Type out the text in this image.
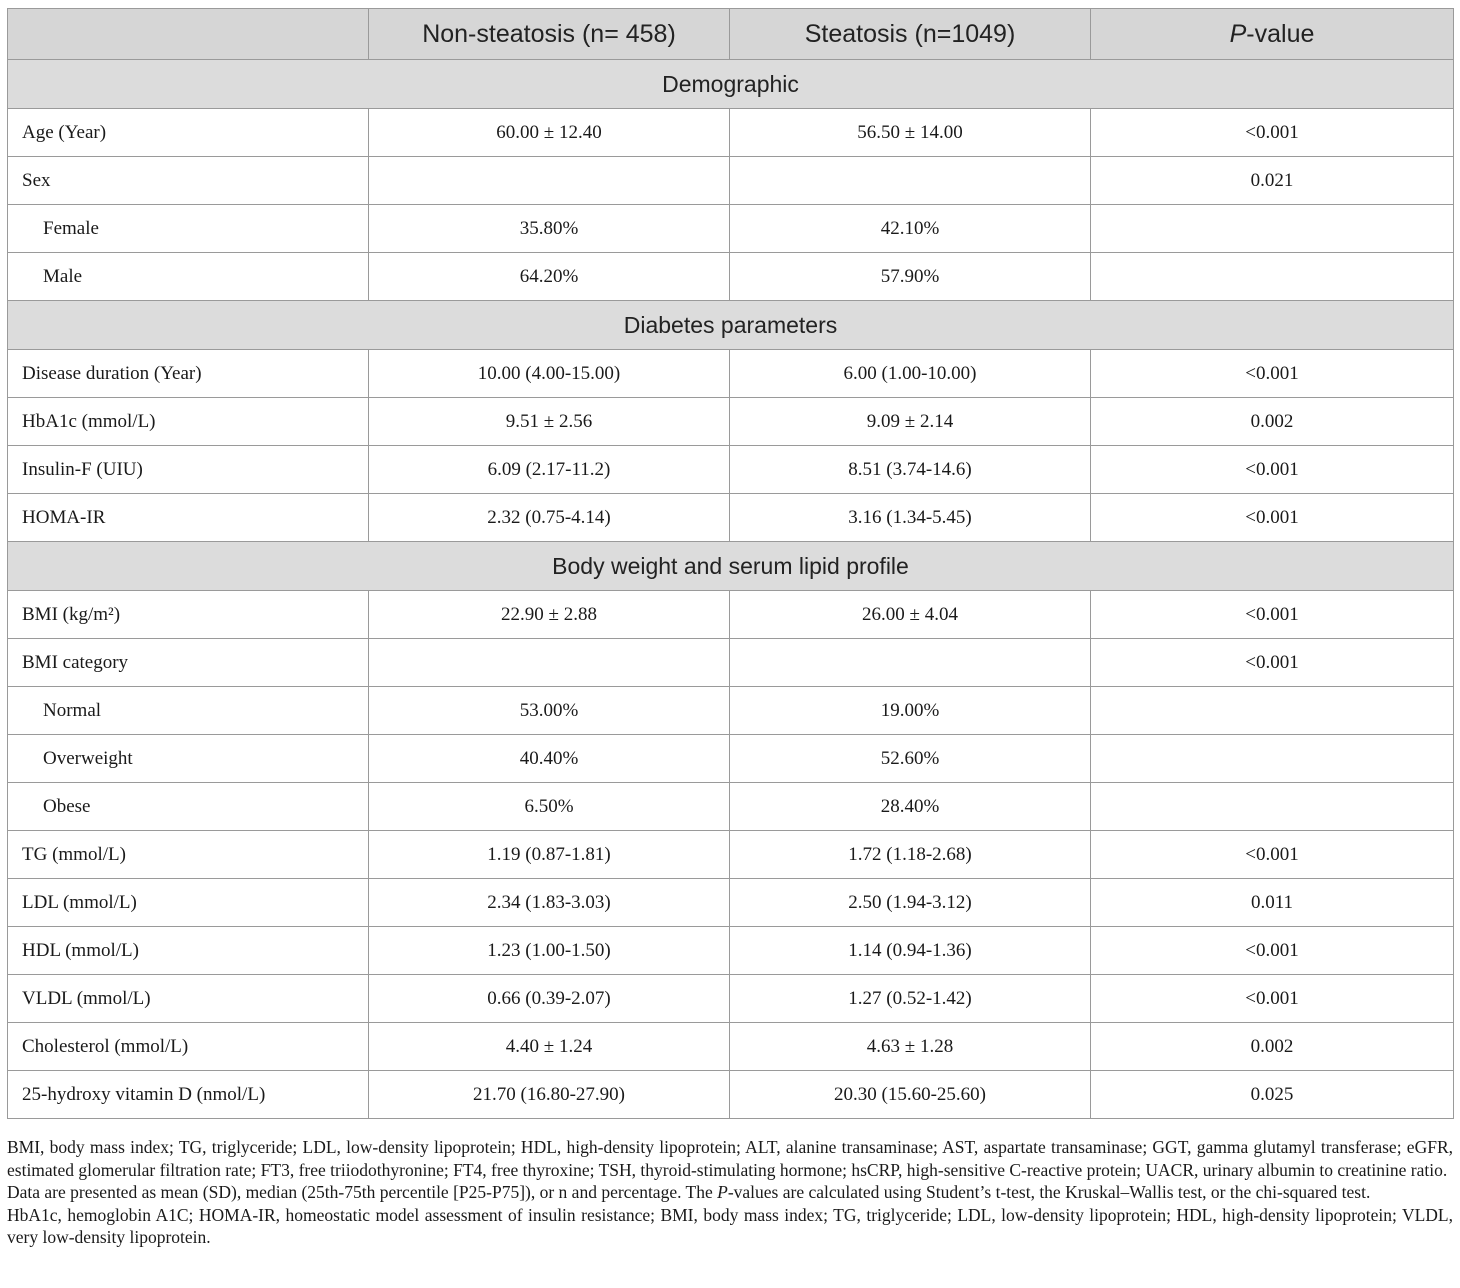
	Non-steatosis (n= 458)	Steatosis (n=1049)	P-value
Demographic			
Age (Year)	60.00 ± 12.40	56.50 ± 14.00	<0.001
Sex			0.021
Female	35.80%	42.10%	
Male	64.20%	57.90%	
Diabetes parameters			
Disease duration (Year)	10.00 (4.00-15.00)	6.00 (1.00-10.00)	<0.001
HbA1c (mmol/L)	9.51 ± 2.56	9.09 ± 2.14	0.002
Insulin-F (UIU)	6.09 (2.17-11.2)	8.51 (3.74-14.6)	<0.001
HOMA-IR	2.32 (0.75-4.14)	3.16 (1.34-5.45)	<0.001
Body weight and serum lipid profile			
BMI (kg/m²)	22.90 ± 2.88	26.00 ± 4.04	<0.001
BMI category			<0.001
Normal	53.00%	19.00%	
Overweight	40.40%	52.60%	
Obese	6.50%	28.40%	
TG (mmol/L)	1.19 (0.87-1.81)	1.72 (1.18-2.68)	<0.001
LDL (mmol/L)	2.34 (1.83-3.03)	2.50 (1.94-3.12)	0.011
HDL (mmol/L)	1.23 (1.00-1.50)	1.14 (0.94-1.36)	<0.001
VLDL (mmol/L)	0.66 (0.39-2.07)	1.27 (0.52-1.42)	<0.001
Cholesterol (mmol/L)	4.40 ± 1.24	4.63 ± 1.28	0.002
25-hydroxy vitamin D (nmol/L)	21.70 (16.80-27.90)	20.30 (15.60-25.60)	0.025

BMI, body mass index; TG, triglyceride; LDL, low-density lipoprotein; HDL, high-density lipoprotein; ALT, alanine transaminase; AST, aspartate transaminase; GGT, gamma glutamyl transferase; eGFR, estimated glomerular filtration rate; FT3, free triiodothyronine; FT4, free thyroxine; TSH, thyroid-stimulating hormone; hsCRP, high-sensitive C-reactive protein; UACR, urinary albumin to creatinine ratio.

Data are presented as mean (SD), median (25th-75th percentile [P25-P75]), or n and percentage. The P-values are calculated using Student’s t-test, the Kruskal–Wallis test, or the chi-squared test.

HbA1c, hemoglobin A1C; HOMA-IR, homeostatic model assessment of insulin resistance; BMI, body mass index; TG, triglyceride; LDL, low-density lipoprotein; HDL, high-density lipoprotein; VLDL, very low-density lipoprotein.
